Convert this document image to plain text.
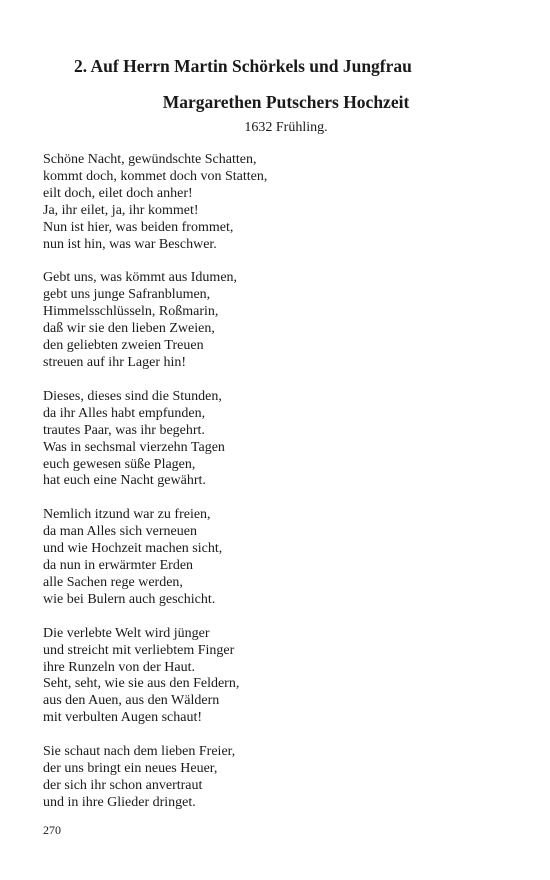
2. Auf Herrn Martin Schörkels und Jungfrau
Margarethen Putschers Hochzeit
1632 Frühling.
Schöne Nacht, gewündschte Schatten,
kommt doch, kommet doch von Statten,
eilt doch, eilet doch anher!
Ja, ihr eilet, ja, ihr kommet!
Nun ist hier, was beiden frommet,
nun ist hin, was war Beschwer.
Gebt uns, was kömmt aus Idumen,
gebt uns junge Safranblumen,
Himmelsschlüsseln, Roßmarin,
daß wir sie den lieben Zweien,
den geliebten zweien Treuen
streuen auf ihr Lager hin!
Dieses, dieses sind die Stunden,
da ihr Alles habt empfunden,
trautes Paar, was ihr begehrt.
Was in sechsmal vierzehn Tagen
euch gewesen süße Plagen,
hat euch eine Nacht gewährt.
Nemlich itzund war zu freien,
da man Alles sich verneuen
und wie Hochzeit machen sicht,
da nun in erwärmter Erden
alle Sachen rege werden,
wie bei Bulern auch geschicht.
Die verlebte Welt wird jünger
und streicht mit verliebtem Finger
ihre Runzeln von der Haut.
Seht, seht, wie sie aus den Feldern,
aus den Auen, aus den Wäldern
mit verbulten Augen schaut!
Sie schaut nach dem lieben Freier,
der uns bringt ein neues Heuer,
der sich ihr schon anvertraut
und in ihre Glieder dringet.
270
